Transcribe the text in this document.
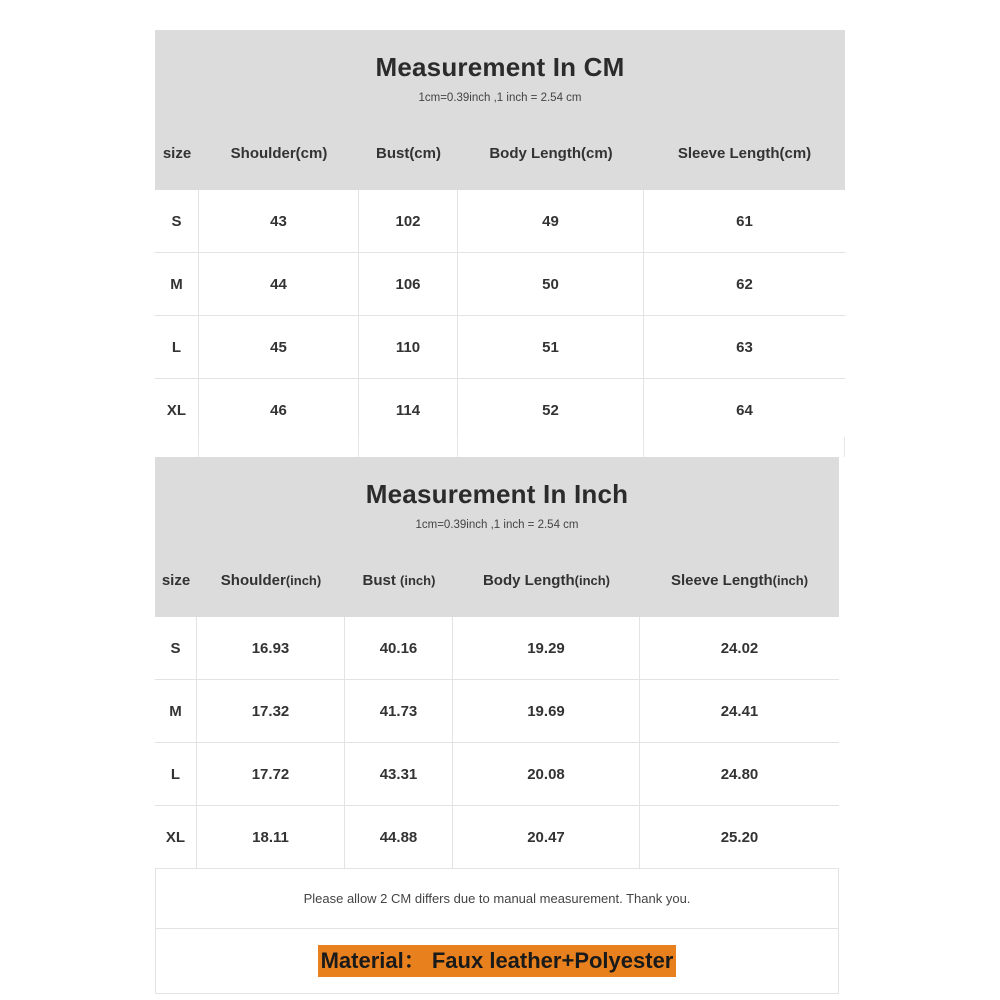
Measurement In CM
1cm=0.39inch ,1 inch = 2.54 cm
size	Shoulder(cm)	Bust(cm)	Body Length(cm)	Sleeve Length(cm)
S	43	102	49	61
M	44	106	50	62
L	45	110	51	63
XL	46	114	52	64
Measurement In Inch
1cm=0.39inch ,1 inch = 2.54 cm
size	Shoulder(inch)	Bust (inch)	Body Length(inch)	Sleeve Length(inch)
S	16.93	40.16	19.29	24.02
M	17.32	41.73	19.69	24.41
L	17.72	43.31	20.08	24.80
XL	18.11	44.88	20.47	25.20
Please allow 2 CM differs due to manual measurement. Thank you.
Material： Faux leather+Polyester
